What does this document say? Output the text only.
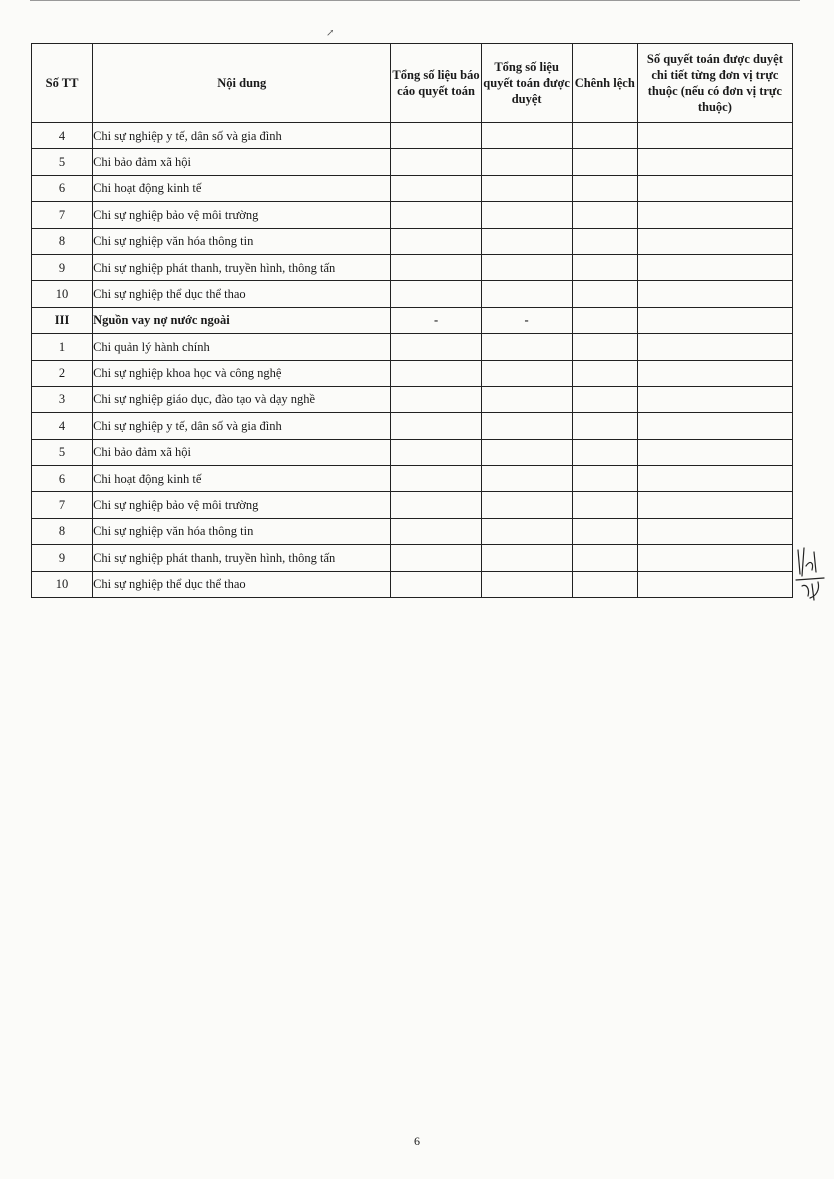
↗
Số TT	Nội dung	Tổng số liệu báo cáo quyết toán	Tổng số liệu quyết toán được duyệt	Chênh lệch	Số quyết toán được duyệt chi tiết từng đơn vị trực thuộc (nếu có đơn vị trực thuộc)
4	Chi sự nghiệp y tế, dân số và gia đình				
5	Chi bảo đảm xã hội				
6	Chi hoạt động kinh tế				
7	Chi sự nghiệp bảo vệ môi trường				
8	Chi sự nghiệp văn hóa thông tin				
9	Chi sự nghiệp phát thanh, truyền hình, thông tấn				
10	Chi sự nghiệp thể dục thể thao				
III	Nguồn vay nợ nước ngoài	-	-		
1	Chi quản lý hành chính				
2	Chi sự nghiệp khoa học và công nghệ				
3	Chi sự nghiệp giáo dục, đào tạo và dạy nghề				
4	Chi sự nghiệp y tế, dân số và gia đình				
5	Chi bảo đảm xã hội				
6	Chi hoạt động kinh tế				
7	Chi sự nghiệp bảo vệ môi trường				
8	Chi sự nghiệp văn hóa thông tin				
9	Chi sự nghiệp phát thanh, truyền hình, thông tấn				
10	Chi sự nghiệp thể dục thể thao				
6
